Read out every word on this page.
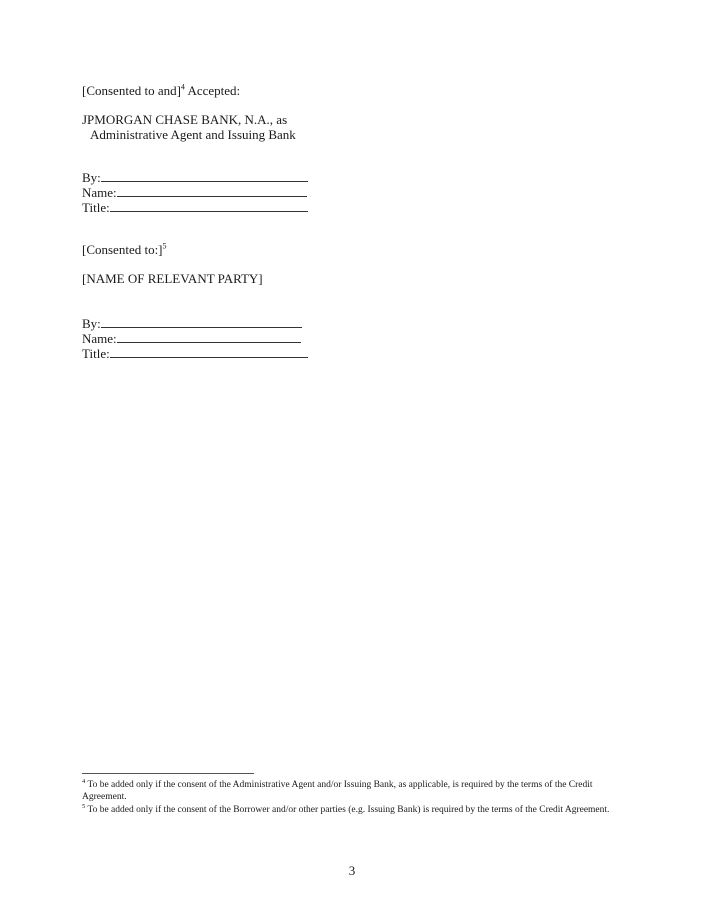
[Consented to and]$^4$ Accepted:
JPMORGAN CHASE BANK, N.A., as
Administrative Agent and Issuing Bank
By:
Name:
Title:
[Consented to:]$^5$
[NAME OF RELEVANT PARTY]
By:
Name:
Title:
$^4$ To be added only if the consent of the Administrative Agent and/or Issuing Bank, as applicable, is required by the terms of the Credit Agreement.
$^5$ To be added only if the consent of the Borrower and/or other parties (e.g. Issuing Bank) is required by the terms of the Credit Agreement.
3
